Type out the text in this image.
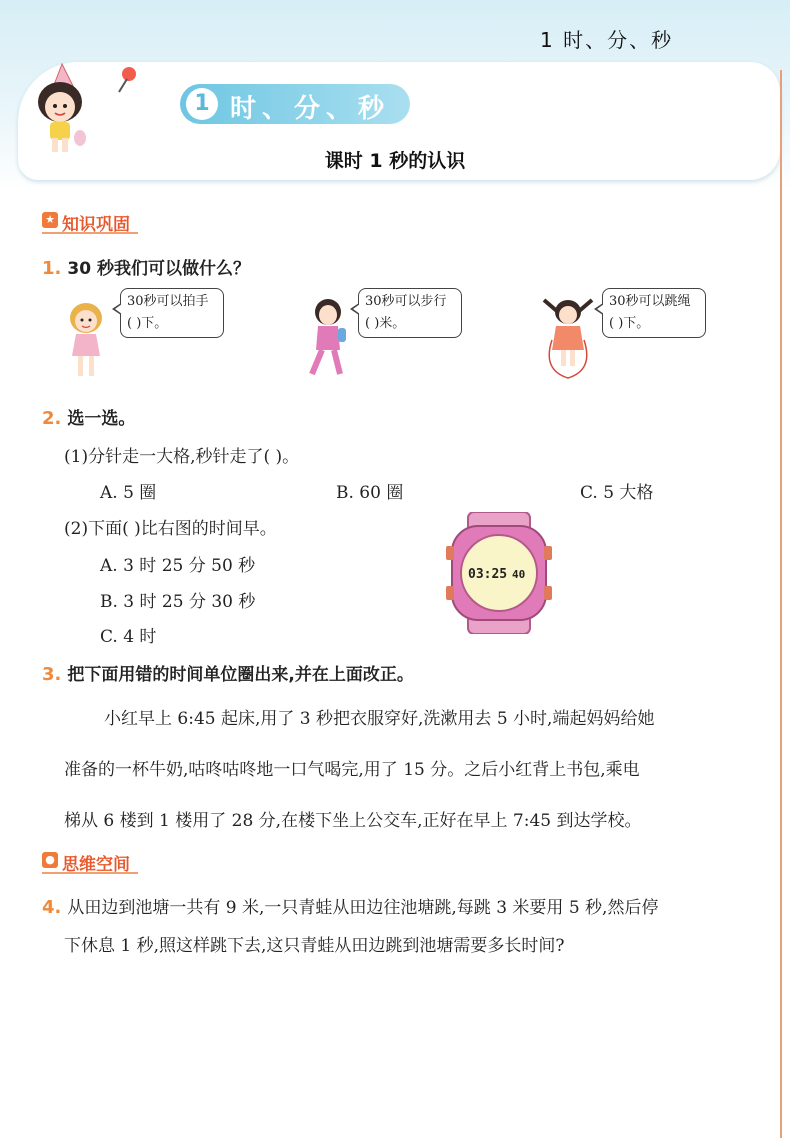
1 时、分、秒
1 时、分、秒
课时 1 秒的认识
★ 知识巩固
1. 30 秒我们可以做什么？
30秒可以拍手
( )下。
30秒可以步行
( )米。
30秒可以跳绳
( )下。
2. 选一选。
(1)分针走一大格,秒针走了( )。
A. 5 圈	B. 60 圈	C. 5 大格
(2)下面( )比右图的时间早。
A. 3 时 25 分 50 秒
B. 3 时 25 分 30 秒
C. 4 时
03:25 40
3. 把下面用错的时间单位圈出来,并在上面改正。

小红早上 6:45 起床,用了 3 秒把衣服穿好,洗漱用去 5 小时,端起妈妈给她

准备的一杯牛奶,咕咚咕咚地一口气喝完,用了 15 分。之后小红背上书包,乘电

梯从 6 楼到 1 楼用了 28 分,在楼下坐上公交车,正好在早上 7:45 到达学校。

● 思维空间
4. 从田边到池塘一共有 9 米,一只青蛙从田边往池塘跳,每跳 3 米要用 5 秒,然后停
下休息 1 秒,照这样跳下去,这只青蛙从田边跳到池塘需要多长时间?
